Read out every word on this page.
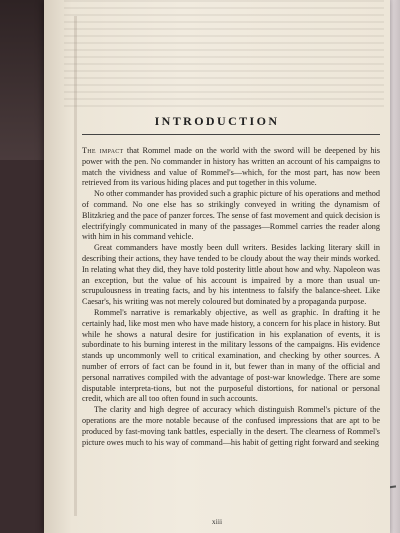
INTRODUCTION

The impact that Rommel made on the world with the sword will be deepened by his power with the pen. No commander in history has written an account of his campaigns to match the vividness and value of Rommel's—which, for the most part, has now been retrieved from its various hiding places and put together in this volume.

No other commander has provided such a graphic picture of his operations and method of command. No one else has so strikingly conveyed in writing the dynamism of Blitzkrieg and the pace of panzer forces. The sense of fast movement and quick decision is electrifyingly communicated in many of the passages—Rommel carries the reader along with him in his command vehicle.

Great commanders have mostly been dull writers. Besides lacking literary skill in describing their actions, they have tended to be cloudy about the way their minds worked. In relating what they did, they have told posterity little about how and why. Napoleon was an exception, but the value of his account is impaired by a more than usual un-scrupulousness in treating facts, and by his intentness to falsify the balance-sheet. Like Caesar's, his writing was not merely coloured but dominated by a propaganda purpose.

Rommel's narrative is remarkably objective, as well as graphic. In drafting it he certainly had, like most men who have made history, a concern for his place in history. But while he shows a natural desire for justification in his explanation of events, it is subordinate to his burning interest in the military lessons of the campaigns. His evidence stands up uncommonly well to critical examination, and checking by other sources. A number of errors of fact can be found in it, but fewer than in many of the official and personal narratives compiled with the advantage of post-war knowledge. There are some disputable interpreta-tions, but not the purposeful distortions, for national or personal credit, which are all too often found in such accounts.

The clarity and high degree of accuracy which distinguish Rommel's picture of the operations are the more notable because of the confused impressions that are apt to be produced by fast-moving tank battles, especially in the desert. The clearness of Rommel's picture owes much to his way of command—his habit of getting right forward and seeking

xiii
